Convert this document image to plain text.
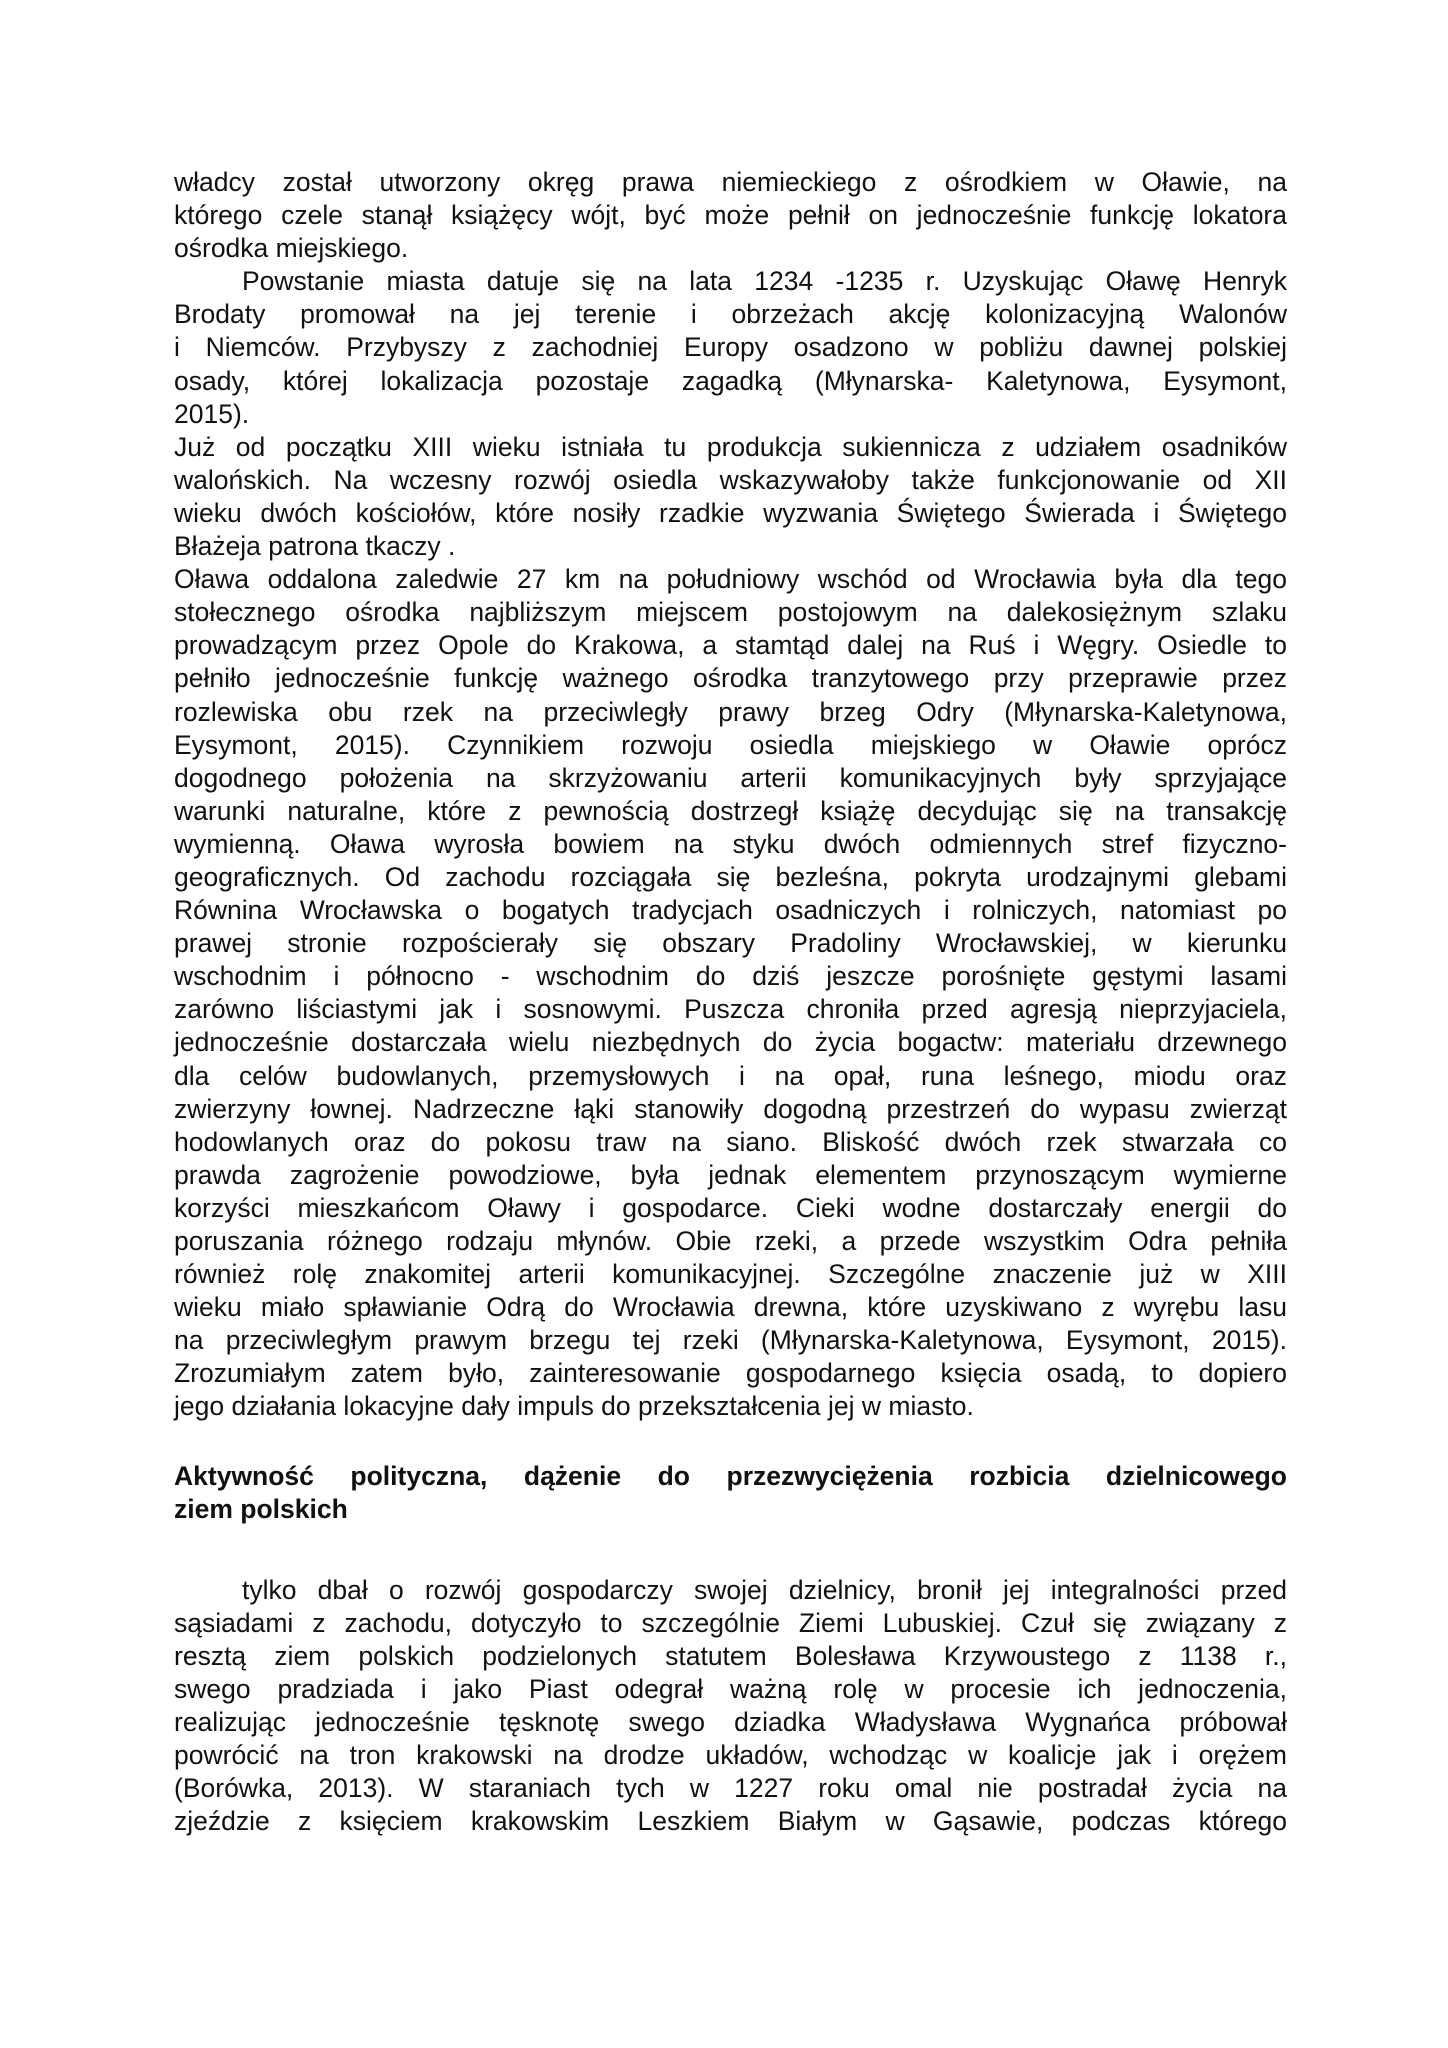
władcy został utworzony okręg prawa niemieckiego z ośrodkiem w Oławie, na
którego czele stanął książęcy wójt, być może pełnił on jednocześnie funkcję lokatora
ośrodka miejskiego.
Powstanie miasta datuje się na lata 1234 -1235 r. Uzyskując Oławę Henryk
Brodaty promował na jej terenie i obrzeżach akcję kolonizacyjną Walonów
i Niemców. Przybyszy z zachodniej Europy osadzono w pobliżu dawnej polskiej
osady, której lokalizacja pozostaje zagadką (Młynarska- Kaletynowa, Eysymont,
2015).
Już od początku XIII wieku istniała tu produkcja sukiennicza z udziałem osadników
walońskich. Na wczesny rozwój osiedla wskazywałoby także funkcjonowanie od XII
wieku dwóch kościołów, które nosiły rzadkie wyzwania Świętego Świerada i Świętego
Błażeja patrona tkaczy .
Oława oddalona zaledwie 27 km na południowy wschód od Wrocławia była dla tego
stołecznego ośrodka najbliższym miejscem postojowym na dalekosiężnym szlaku
prowadzącym przez Opole do Krakowa, a stamtąd dalej na Ruś i Węgry. Osiedle to
pełniło jednocześnie funkcję ważnego ośrodka tranzytowego przy przeprawie przez
rozlewiska obu rzek na przeciwległy prawy brzeg Odry (Młynarska-Kaletynowa,
Eysymont, 2015). Czynnikiem rozwoju osiedla miejskiego w Oławie oprócz
dogodnego położenia na skrzyżowaniu arterii komunikacyjnych były sprzyjające
warunki naturalne, które z pewnością dostrzegł książę decydując się na transakcję
wymienną. Oława wyrosła bowiem na styku dwóch odmiennych stref fizyczno-
geograficznych. Od zachodu rozciągała się bezleśna, pokryta urodzajnymi glebami
Równina Wrocławska o bogatych tradycjach osadniczych i rolniczych, natomiast po
prawej stronie rozpościerały się obszary Pradoliny Wrocławskiej, w kierunku
wschodnim i północno - wschodnim do dziś jeszcze porośnięte gęstymi lasami
zarówno liściastymi jak i sosnowymi. Puszcza chroniła przed agresją nieprzyjaciela,
jednocześnie dostarczała wielu niezbędnych do życia bogactw: materiału drzewnego
dla celów budowlanych, przemysłowych i na opał, runa leśnego, miodu oraz
zwierzyny łownej. Nadrzeczne łąki stanowiły dogodną przestrzeń do wypasu zwierząt
hodowlanych oraz do pokosu traw na siano. Bliskość dwóch rzek stwarzała co
prawda zagrożenie powodziowe, była jednak elementem przynoszącym wymierne
korzyści mieszkańcom Oławy i gospodarce. Cieki wodne dostarczały energii do
poruszania różnego rodzaju młynów. Obie rzeki, a przede wszystkim Odra pełniła
również rolę znakomitej arterii komunikacyjnej. Szczególne znaczenie już w XIII
wieku miało spławianie Odrą do Wrocławia drewna, które uzyskiwano z wyrębu lasu
na przeciwległym prawym brzegu tej rzeki (Młynarska-Kaletynowa, Eysymont, 2015).
Zrozumiałym zatem było, zainteresowanie gospodarnego księcia osadą, to dopiero
jego działania lokacyjne dały impuls do przekształcenia jej w miasto.
Aktywność polityczna, dążenie do przezwyciężenia rozbicia dzielnicowego
ziem polskich
tylko dbał o rozwój gospodarczy swojej dzielnicy, bronił jej integralności przed
sąsiadami z zachodu, dotyczyło to szczególnie Ziemi Lubuskiej. Czuł się związany z
resztą ziem polskich podzielonych statutem Bolesława Krzywoustego z 1138 r.,
swego pradziada i jako Piast odegrał ważną rolę w procesie ich jednoczenia,
realizując jednocześnie tęsknotę swego dziadka Władysława Wygnańca próbował
powrócić na tron krakowski na drodze układów, wchodząc w koalicje jak i orężem
(Borówka, 2013). W staraniach tych w 1227 roku omal nie postradał życia na
zjeździe z księciem krakowskim Leszkiem Białym w Gąsawie, podczas którego
